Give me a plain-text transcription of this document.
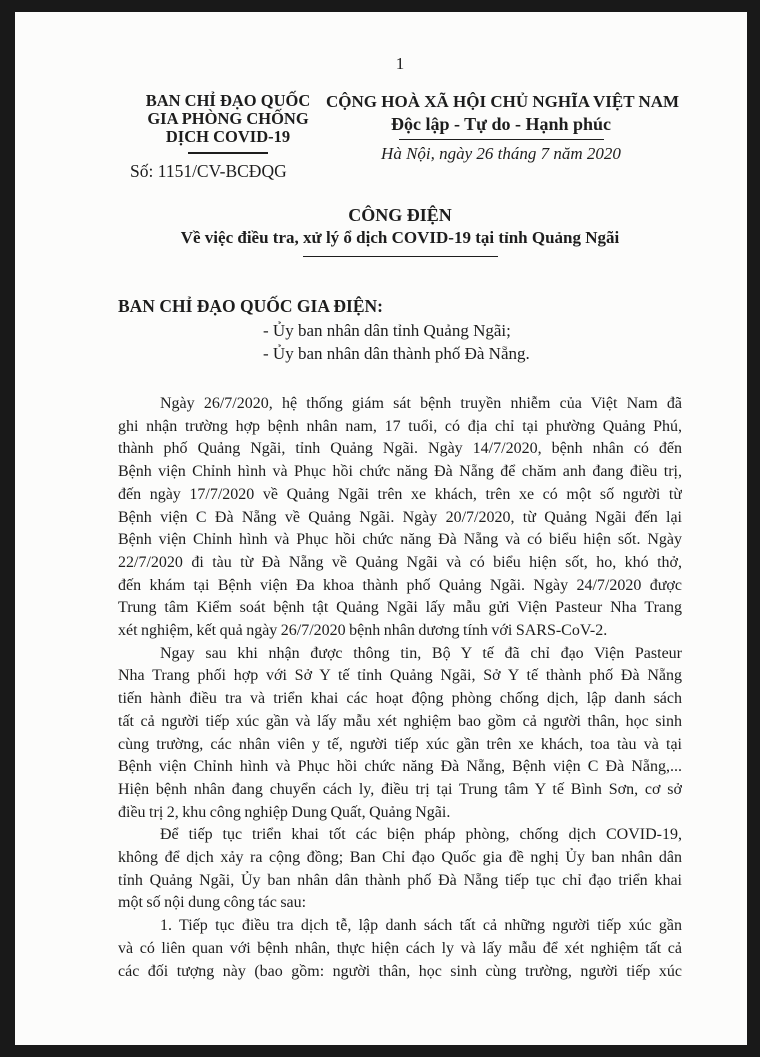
1
BAN CHỈ ĐẠO QUỐC
GIA PHÒNG CHỐNG
DỊCH COVID-19
Số: 1151/CV-BCĐQG
CỘNG HOÀ XÃ HỘI CHỦ NGHĨA VIỆT NAM
Độc lập - Tự do - Hạnh phúc
Hà Nội, ngày 26 tháng 7 năm 2020
CÔNG ĐIỆN
Về việc điều tra, xử lý ổ dịch COVID-19 tại tỉnh Quảng Ngãi
BAN CHỈ ĐẠO QUỐC GIA ĐIỆN:
- Ủy ban nhân dân tỉnh Quảng Ngãi;
- Ủy ban nhân dân thành phố Đà Nẵng.
Ngày 26/7/2020, hệ thống giám sát bệnh truyền nhiễm của Việt Nam đã
ghi nhận trường hợp bệnh nhân nam, 17 tuổi, có địa chỉ tại phường Quảng Phú,
thành phố Quảng Ngãi, tỉnh Quảng Ngãi. Ngày 14/7/2020, bệnh nhân có đến
Bệnh viện Chỉnh hình và Phục hồi chức năng Đà Nẵng để chăm anh đang điều trị,
đến ngày 17/7/2020 về Quảng Ngãi trên xe khách, trên xe có một số người từ
Bệnh viện C Đà Nẵng về Quảng Ngãi. Ngày 20/7/2020, từ Quảng Ngãi đến lại
Bệnh viện Chỉnh hình và Phục hồi chức năng Đà Nẵng và có biểu hiện sốt. Ngày
22/7/2020 đi tàu từ Đà Nẵng về Quảng Ngãi và có biểu hiện sốt, ho, khó thở,
đến khám tại Bệnh viện Đa khoa thành phố Quảng Ngãi. Ngày 24/7/2020 được
Trung tâm Kiểm soát bệnh tật Quảng Ngãi lấy mẫu gửi Viện Pasteur Nha Trang
xét nghiệm, kết quả ngày 26/7/2020 bệnh nhân dương tính với SARS-CoV-2.
Ngay sau khi nhận được thông tin, Bộ Y tế đã chỉ đạo Viện Pasteur
Nha Trang phối hợp với Sở Y tế tỉnh Quảng Ngãi, Sở Y tế thành phố Đà Nẵng
tiến hành điều tra và triển khai các hoạt động phòng chống dịch, lập danh sách
tất cả người tiếp xúc gần và lấy mẫu xét nghiệm bao gồm cả người thân, học sinh
cùng trường, các nhân viên y tế, người tiếp xúc gần trên xe khách, toa tàu và tại
Bệnh viện Chỉnh hình và Phục hồi chức năng Đà Nẵng, Bệnh viện C Đà Nẵng,...
Hiện bệnh nhân đang chuyển cách ly, điều trị tại Trung tâm Y tế Bình Sơn, cơ sở
điều trị 2, khu công nghiệp Dung Quất, Quảng Ngãi.
Để tiếp tục triển khai tốt các biện pháp phòng, chống dịch COVID-19,
không để dịch xảy ra cộng đồng; Ban Chỉ đạo Quốc gia đề nghị Ủy ban nhân dân
tỉnh Quảng Ngãi, Ủy ban nhân dân thành phố Đà Nẵng tiếp tục chỉ đạo triển khai
một số nội dung công tác sau:
1. Tiếp tục điều tra dịch tễ, lập danh sách tất cả những người tiếp xúc gần
và có liên quan với bệnh nhân, thực hiện cách ly và lấy mẫu để xét nghiệm tất cả
các đối tượng này (bao gồm: người thân, học sinh cùng trường, người tiếp xúc
